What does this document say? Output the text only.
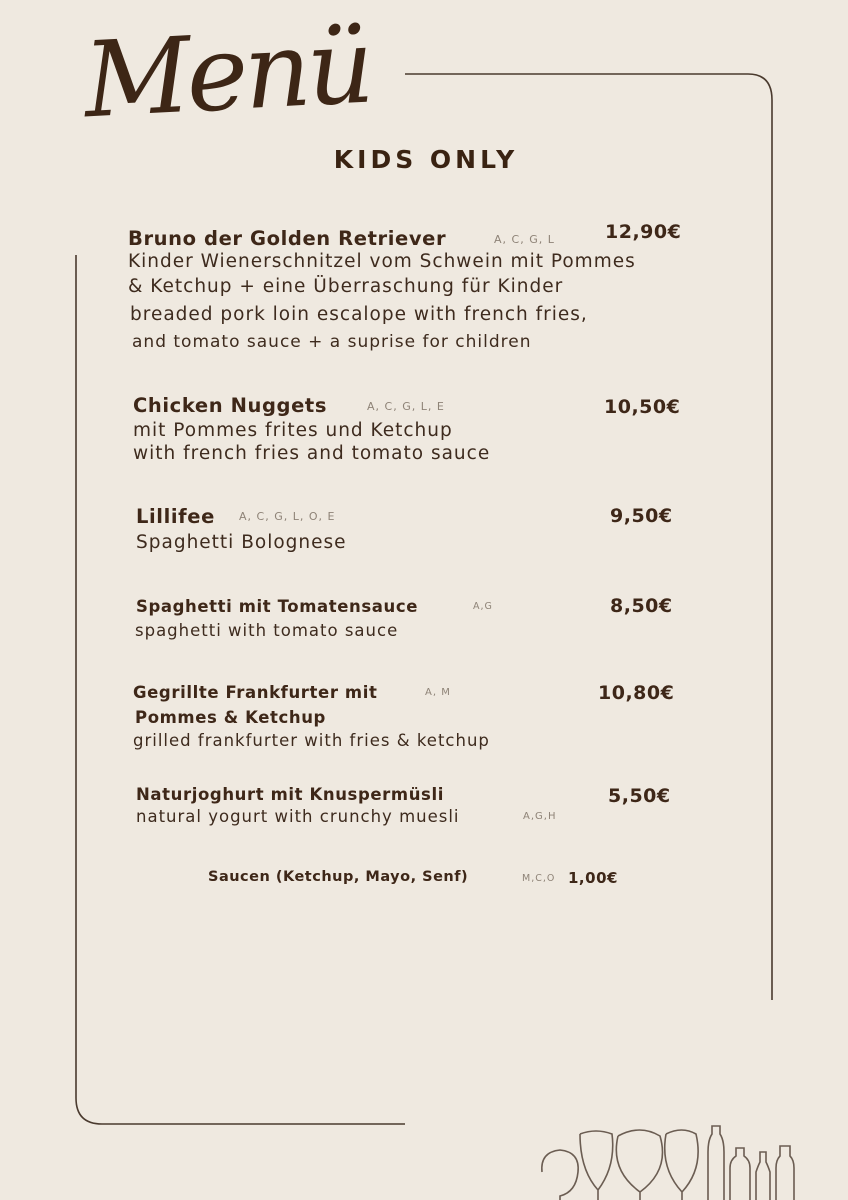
Menü
KIDS ONLY
Bruno der Golden Retriever	A, C, G, L	12,90€
Kinder Wienerschnitzel vom Schwein mit Pommes
& Ketchup + eine Überraschung für Kinder
breaded pork loin escalope with french fries,
and tomato sauce + a suprise for children
Chicken Nuggets	A, C, G, L, E	10,50€
mit Pommes frites und Ketchup
with french fries and tomato sauce
Lillifee A, C, G, L, O, E	9,50€
Spaghetti Bolognese
Spaghetti mit Tomatensauce	A,G	8,50€
spaghetti with tomato sauce
Gegrillte Frankfurter mit
Pommes & Ketchup
A, M	10,80€
grilled frankfurter with fries & ketchup
Naturjoghurt mit Knuspermüsli	5,50€
natural yogurt with crunchy muesli	A,G,H
Saucen (Ketchup, Mayo, Senf)	M,C,O 1,00€
